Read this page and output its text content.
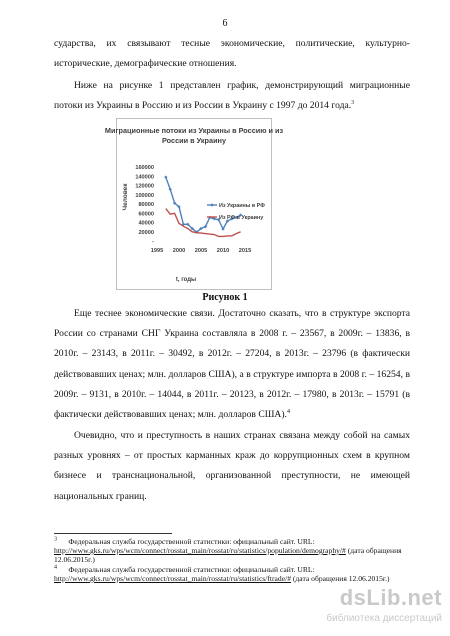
6

сударства, их связывают тесные экономические, политические, культурно-исторические, демографические отношения.

Ниже на рисунке 1 представлен график, демонстрирующий миграционные потоки из Украины в Россию и из России в Украину с 1997 до 2014 года.$^3$

Миграционные потоки из Украины в Россию и из
России в Украину
-
20000
40000
60000
80000
100000
120000
140000
160000
1995 2000 2005 2010 2015
Человек
t, годы
Из Украины в РФ
Из РФ в Украину
Рисунок 1

Еще теснее экономические связи. Достаточно сказать, что в структуре экспорта России со странами СНГ Украина составляла в 2008 г. – 23567, в 2009г. – 13836, в 2010г. – 23143, в 2011г. – 30492, в 2012г. – 27204, в 2013г. – 23796 (в фактически действовавших ценах; млн. долларов США), а в структуре импорта в 2008 г. – 16254, в 2009г. – 9131, в 2010г. – 14044, в 2011г. – 20123, в 2012г. – 17980, в 2013г. – 15791 (в фактически действовавших ценах; млн. долларов США).$^4$

Очевидно, что и преступность в наших странах связана между собой на самых разных уровнях – от простых карманных краж до коррупционных схем в крупном бизнесе и транснациональной, организованной преступности, не имеющей национальных границ.

$^3$ Федеральная служба государственной статистики: официальный сайт. URL: http://www.gks.ru/wps/wcm/connect/rosstat_main/rosstat/ru/statistics/population/demography/# (дата обращения 12.06.2015г.)

$^4$ Федеральная служба государственной статистики: официальный сайт. URL: http://www.gks.ru/wps/wcm/connect/rosstat_main/rosstat/ru/statistics/ftrade/# (дата обращения 12.06.2015г.)

dsLib.net
библиотека диссертаций
